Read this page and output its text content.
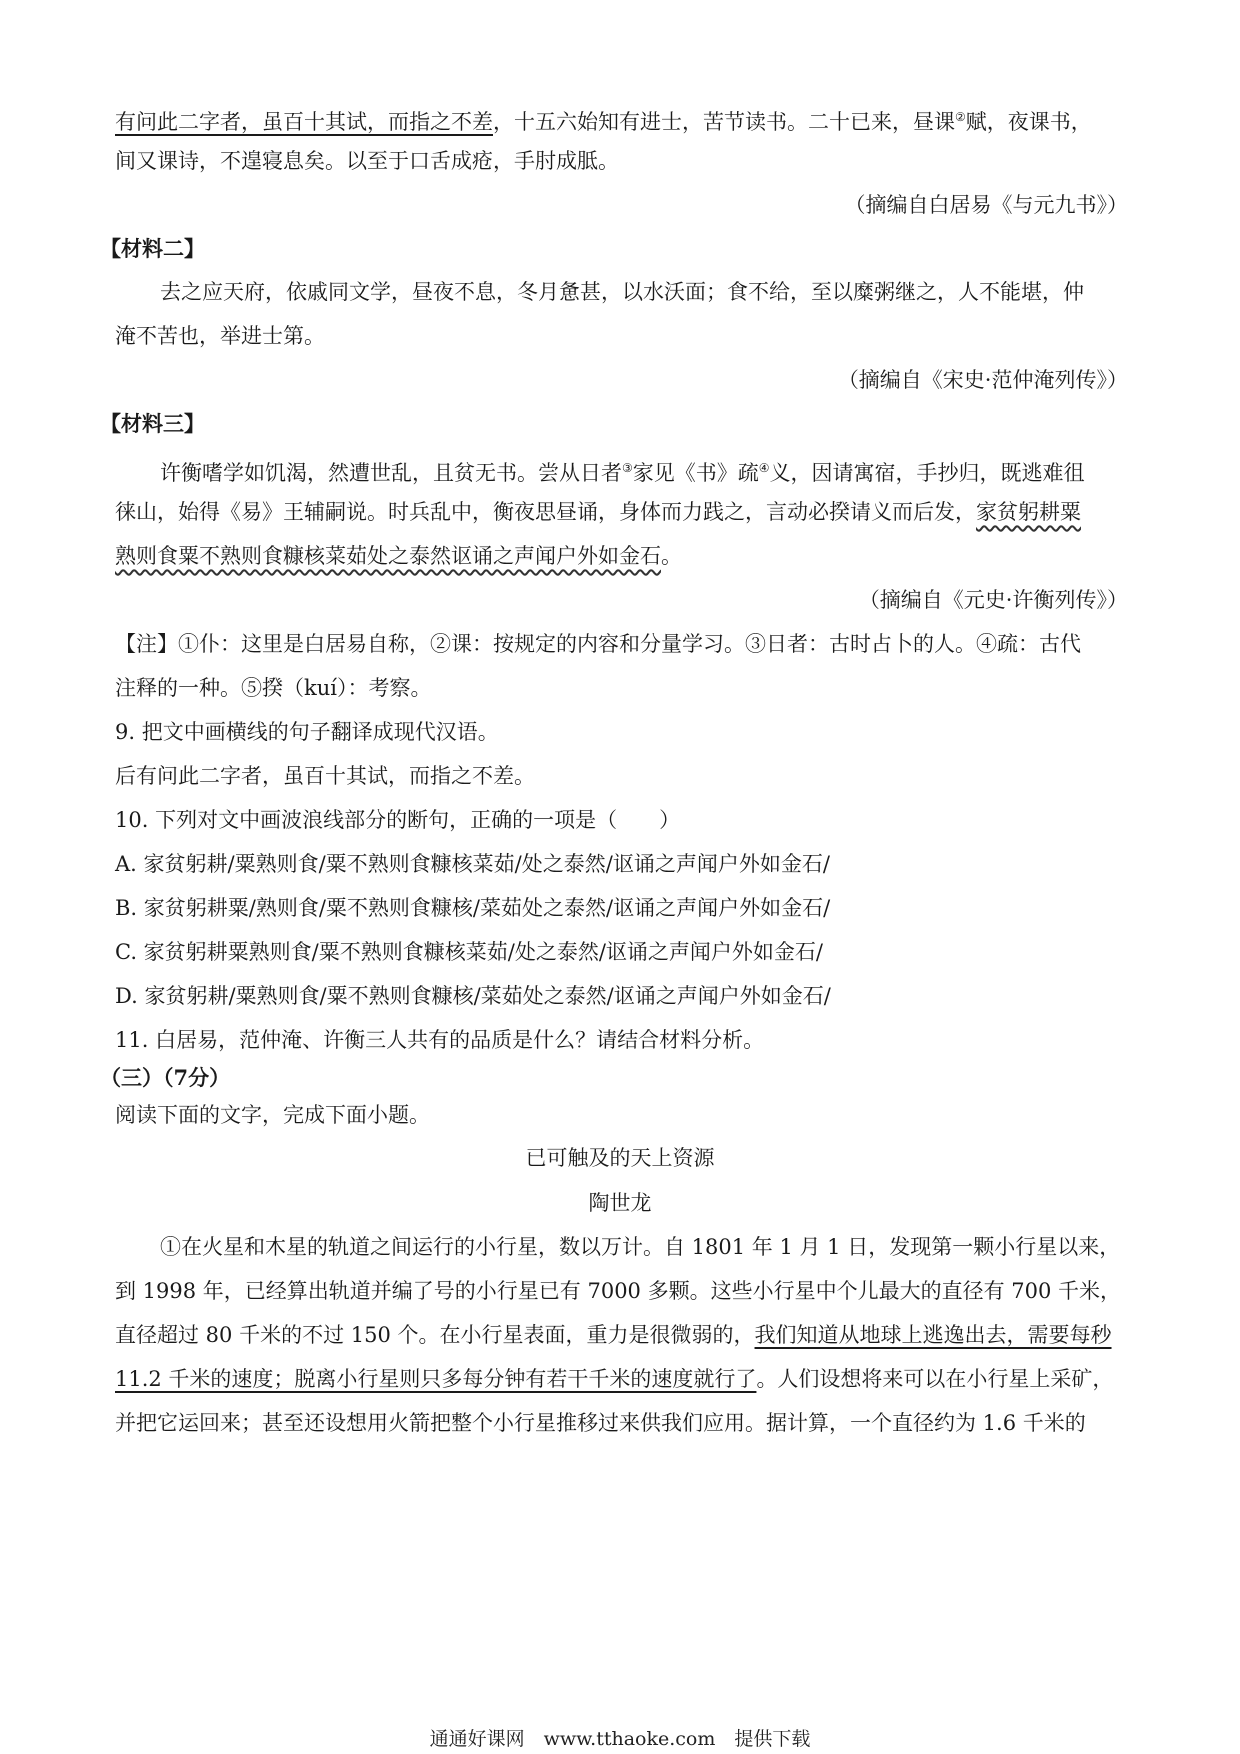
有问此二字者，虽百十其试，而指之不差，十五六始知有进士，苦节读书。二十已来，昼课②赋，夜课书，
间又课诗，不遑寝息矣。以至于口舌成疮，手肘成胝。
（摘编自白居易《与元九书》）
【材料二】
去之应天府，依戚同文学，昼夜不息，冬月惫甚，以水沃面；食不给，至以糜粥继之，人不能堪，仲
淹不苦也，举进士第。
（摘编自《宋史·范仲淹列传》）
【材料三】
许衡嗜学如饥渴，然遭世乱，且贫无书。尝从日者③家见《书》疏④义，因请寓宿，手抄归，既逃难徂
徕山，始得《易》王辅嗣说。时兵乱中，衡夜思昼诵，身体而力践之，言动必揆请义而后发，家贫躬耕粟
熟则食粟不熟则食糠核菜茹处之泰然讴诵之声闻户外如金石。
（摘编自《元史·许衡列传》）
【注】①仆：这里是白居易自称，②课：按规定的内容和分量学习。③日者：古时占卜的人。④疏：古代
注释的一种。⑤揆（kuí）：考察。
9. 把文中画横线的句子翻译成现代汉语。
后有问此二字者，虽百十其试，而指之不差。
10. 下列对文中画波浪线部分的断句，正确的一项是（　　）
A. 家贫躬耕/粟熟则食/粟不熟则食糠核菜茹/处之泰然/讴诵之声闻户外如金石/
B. 家贫躬耕粟/熟则食/粟不熟则食糠核/菜茹处之泰然/讴诵之声闻户外如金石/
C. 家贫躬耕粟熟则食/粟不熟则食糠核菜茹/处之泰然/讴诵之声闻户外如金石/
D. 家贫躬耕/粟熟则食/粟不熟则食糠核/菜茹处之泰然/讴诵之声闻户外如金石/
11. 白居易，范仲淹、许衡三人共有的品质是什么？请结合材料分析。
（三）（7分）
阅读下面的文字，完成下面小题。
已可触及的天上资源
陶世龙
①在火星和木星的轨道之间运行的小行星，数以万计。自 1801 年 1 月 1 日，发现第一颗小行星以来，
到 1998 年，已经算出轨道并编了号的小行星已有 7000 多颗。这些小行星中个儿最大的直径有 700 千米，
直径超过 80 千米的不过 150 个。在小行星表面，重力是很微弱的，我们知道从地球上逃逸出去，需要每秒
11.2 千米的速度；脱离小行星则只多每分钟有若干千米的速度就行了。人们设想将来可以在小行星上采矿，
并把它运回来；甚至还设想用火箭把整个小行星推移过来供我们应用。据计算，一个直径约为 1.6 千米的
通通好课网　www.tthaoke.com　提供下载
